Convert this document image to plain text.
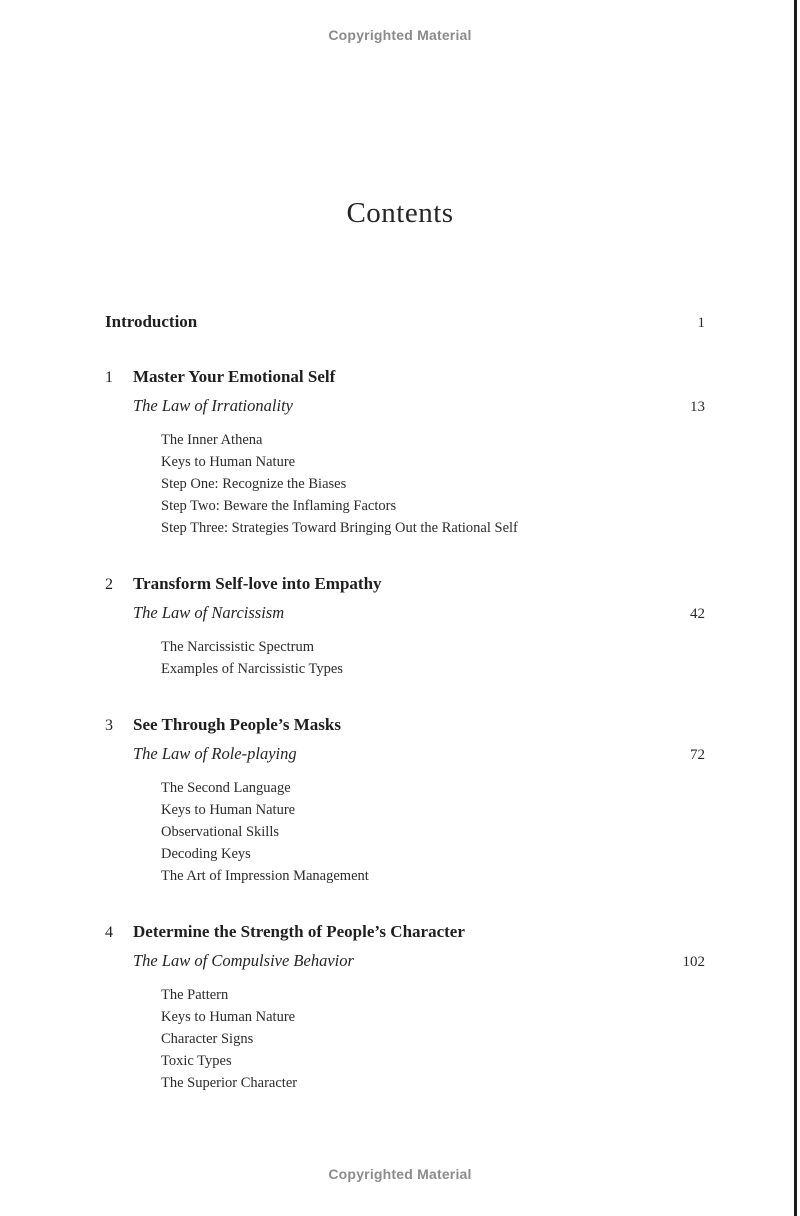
Copyrighted Material
Contents
Introduction	1
1	Master Your Emotional Self
The Law of Irrationality	13
The Inner Athena
Keys to Human Nature
Step One: Recognize the Biases
Step Two: Beware the Inflaming Factors
Step Three: Strategies Toward Bringing Out the Rational Self
2	Transform Self-love into Empathy
The Law of Narcissism	42
The Narcissistic Spectrum
Examples of Narcissistic Types
3	See Through People’s Masks
The Law of Role-playing	72
The Second Language
Keys to Human Nature
Observational Skills
Decoding Keys
The Art of Impression Management
4	Determine the Strength of People’s Character
The Law of Compulsive Behavior	102
The Pattern
Keys to Human Nature
Character Signs
Toxic Types
The Superior Character
Copyrighted Material
